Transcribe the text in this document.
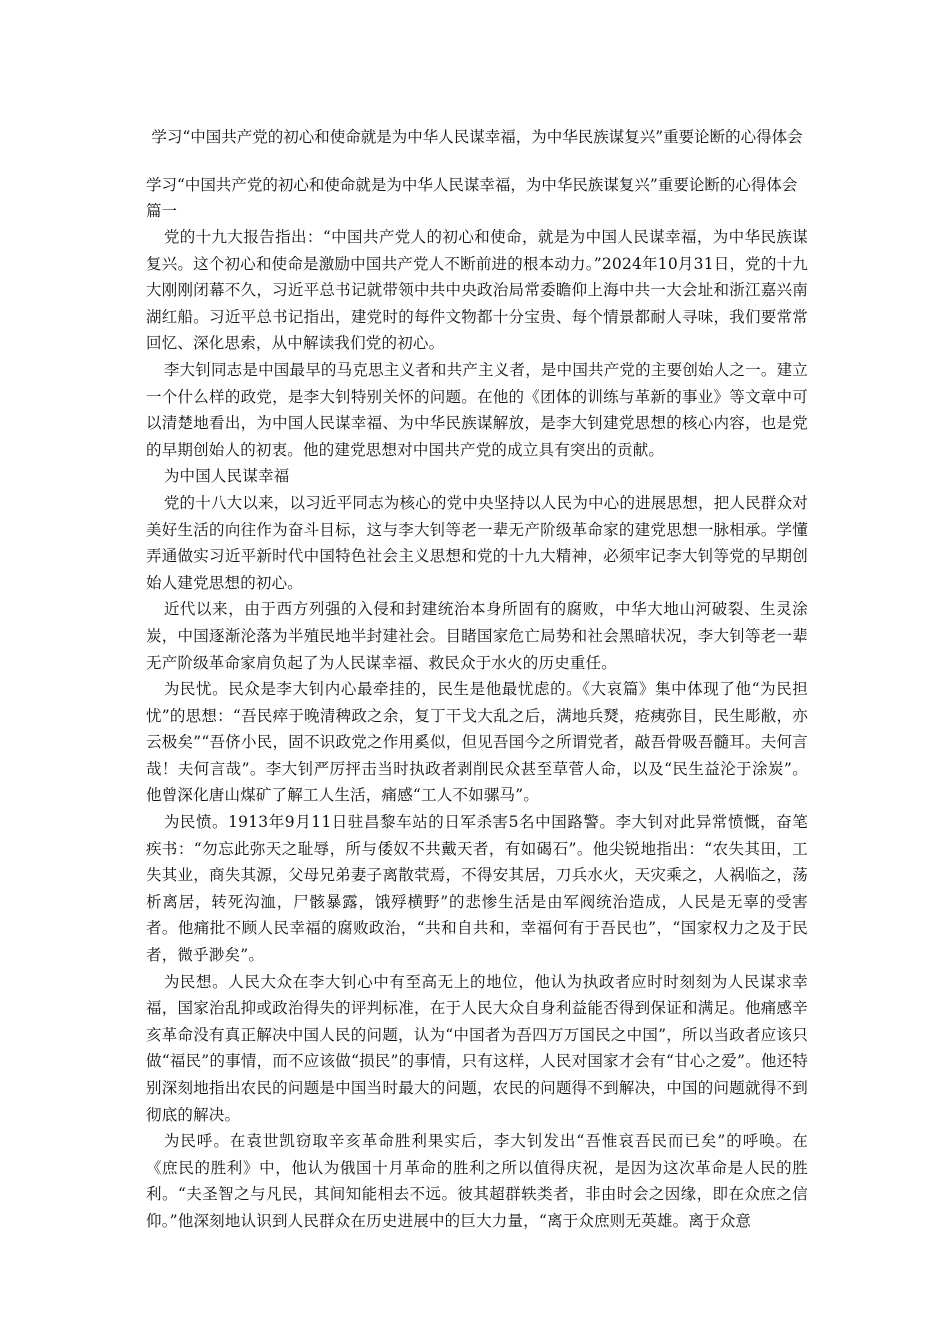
学习“中国共产党的初心和使命就是为中华人民谋幸福，为中华民族谋复兴”重要论断的心得体会
学习“中国共产党的初心和使命就是为中华人民谋幸福，为中华民族谋复兴”重要论断的心得体会
篇一

党的十九大报告指出：“中国共产党人的初心和使命，就是为中国人民谋幸福，为中华民族谋复兴。这个初心和使命是激励中国共产党人不断前进的根本动力。”2024年10月31日，党的十九大刚刚闭幕不久，习近平总书记就带领中共中央政治局常委瞻仰上海中共一大会址和浙江嘉兴南湖红船。习近平总书记指出，建党时的每件文物都十分宝贵、每个情景都耐人寻味，我们要常常回忆、深化思索，从中解读我们党的初心。

李大钊同志是中国最早的马克思主义者和共产主义者，是中国共产党的主要创始人之一。建立一个什么样的政党，是李大钊特别关怀的问题。在他的《团体的训练与革新的事业》等文章中可以清楚地看出，为中国人民谋幸福、为中华民族谋解放，是李大钊建党思想的核心内容，也是党的早期创始人的初衷。他的建党思想对中国共产党的成立具有突出的贡献。

为中国人民谋幸福

党的十八大以来，以习近平同志为核心的党中央坚持以人民为中心的进展思想，把人民群众对美好生活的向往作为奋斗目标，这与李大钊等老一辈无产阶级革命家的建党思想一脉相承。学懂弄通做实习近平新时代中国特色社会主义思想和党的十九大精神，必须牢记李大钊等党的早期创始人建党思想的初心。

近代以来，由于西方列强的入侵和封建统治本身所固有的腐败，中华大地山河破裂、生灵涂炭，中国逐渐沦落为半殖民地半封建社会。目睹国家危亡局势和社会黑暗状况，李大钊等老一辈无产阶级革命家肩负起了为人民谋幸福、救民众于水火的历史重任。

为民忧。民众是李大钊内心最牵挂的，民生是他最忧虑的。《大哀篇》集中体现了他“为民担忧”的思想：“吾民瘁于晚清稗政之余，复丁干戈大乱之后，满地兵燹，疮痍弥目，民生彫敝，亦云极矣”“吾侪小民，固不识政党之作用奚似，但见吾国今之所谓党者，敲吾骨吸吾髓耳。夫何言哉！夫何言哉”。李大钊严厉抨击当时执政者剥削民众甚至草菅人命，以及“民生益沦于涂炭”。他曾深化唐山煤矿了解工人生活，痛感“工人不如骡马”。

为民愤。1913年9月11日驻昌黎车站的日军杀害5名中国路警。李大钊对此异常愤慨，奋笔疾书：“勿忘此弥天之耻辱，所与倭奴不共戴天者，有如碣石”。他尖锐地指出：“农失其田，工失其业，商失其源，父母兄弟妻子离散茕焉，不得安其居，刀兵水火，天灾乘之，人祸临之，荡析离居，转死沟洫，尸骸暴露，饿殍横野”的悲惨生活是由军阀统治造成，人民是无辜的受害者。他痛批不顾人民幸福的腐败政治，“共和自共和，幸福何有于吾民也”，“国家权力之及于民者，微乎渺矣”。

为民想。人民大众在李大钊心中有至高无上的地位，他认为执政者应时时刻刻为人民谋求幸福，国家治乱抑或政治得失的评判标准，在于人民大众自身利益能否得到保证和满足。他痛感辛亥革命没有真正解决中国人民的问题，认为“中国者为吾四万万国民之中国”，所以当政者应该只做“福民”的事情，而不应该做“损民”的事情，只有这样，人民对国家才会有“甘心之爱”。他还特别深刻地指出农民的问题是中国当时最大的问题，农民的问题得不到解决，中国的问题就得不到彻底的解决。

为民呼。在袁世凯窃取辛亥革命胜利果实后，李大钊发出“吾惟哀吾民而已矣”的呼唤。在《庶民的胜利》中，他认为俄国十月革命的胜利之所以值得庆祝，是因为这次革命是人民的胜利。“夫圣智之与凡民，其间知能相去不远。彼其超群轶类者，非由时会之因缘，即在众庶之信仰。”他深刻地认识到人民群众在历史进展中的巨大力量，“离于众庶则无英雄。离于众意
